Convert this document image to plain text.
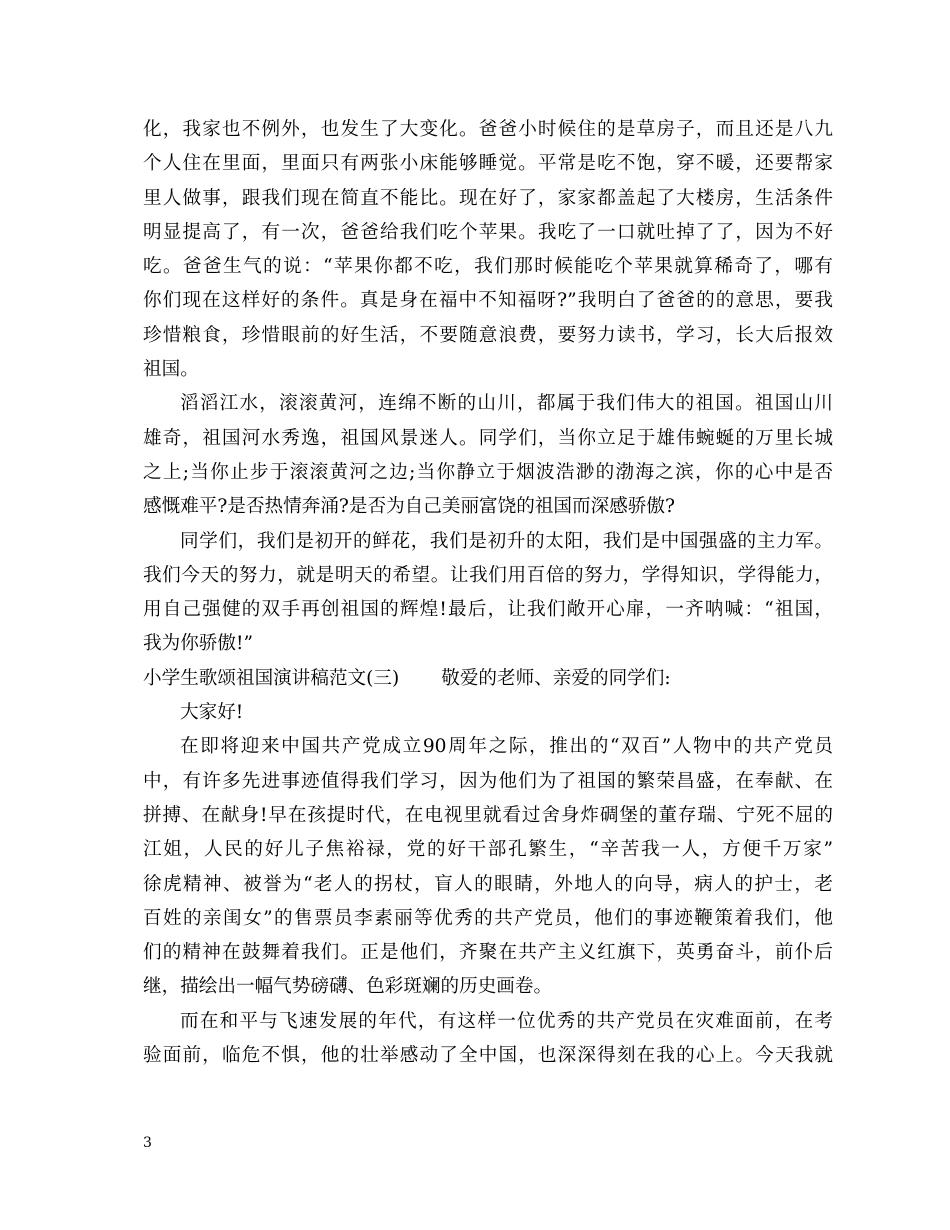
化，我家也不例外，也发生了大变化。爸爸小时候住的是草房子，而且还是八九
个人住在里面，里面只有两张小床能够睡觉。平常是吃不饱，穿不暖，还要帮家
里人做事，跟我们现在简直不能比。现在好了，家家都盖起了大楼房，生活条件
明显提高了，有一次，爸爸给我们吃个苹果。我吃了一口就吐掉了了，因为不好
吃。爸爸生气的说：“苹果你都不吃，我们那时候能吃个苹果就算稀奇了，哪有
你们现在这样好的条件。真是身在福中不知福呀?”我明白了爸爸的的意思，要我
珍惜粮食，珍惜眼前的好生活，不要随意浪费，要努力读书，学习，长大后报效
祖国。
滔滔江水，滚滚黄河，连绵不断的山川，都属于我们伟大的祖国。祖国山川
雄奇，祖国河水秀逸，祖国风景迷人。同学们，当你立足于雄伟蜿蜒的万里长城
之上;当你止步于滚滚黄河之边;当你静立于烟波浩渺的渤海之滨，你的心中是否
感慨难平?是否热情奔涌?是否为自己美丽富饶的祖国而深感骄傲?
同学们，我们是初开的鲜花，我们是初升的太阳，我们是中国强盛的主力军。
我们今天的努力，就是明天的希望。让我们用百倍的努力，学得知识，学得能力，
用自己强健的双手再创祖国的辉煌!最后，让我们敞开心扉，一齐呐喊：“祖国，
我为你骄傲!”
小学生歌颂祖国演讲稿范文(三) 敬爱的老师、亲爱的同学们:
大家好!
在即将迎来中国共产党成立90周年之际，推出的“双百”人物中的共产党员
中，有许多先进事迹值得我们学习，因为他们为了祖国的繁荣昌盛，在奉献、在
拼搏、在献身!早在孩提时代，在电视里就看过舍身炸碉堡的董存瑞、宁死不屈的
江姐，人民的好儿子焦裕禄，党的好干部孔繁生，“辛苦我一人，方便千万家”
徐虎精神、被誉为“老人的拐杖，盲人的眼睛，外地人的向导，病人的护士，老
百姓的亲闺女”的售票员李素丽等优秀的共产党员，他们的事迹鞭策着我们，他
们的精神在鼓舞着我们。正是他们，齐聚在共产主义红旗下，英勇奋斗，前仆后
继，描绘出一幅气势磅礴、色彩斑斓的历史画卷。
而在和平与飞速发展的年代，有这样一位优秀的共产党员在灾难面前，在考
验面前，临危不惧，他的壮举感动了全中国，也深深得刻在我的心上。今天我就
3
